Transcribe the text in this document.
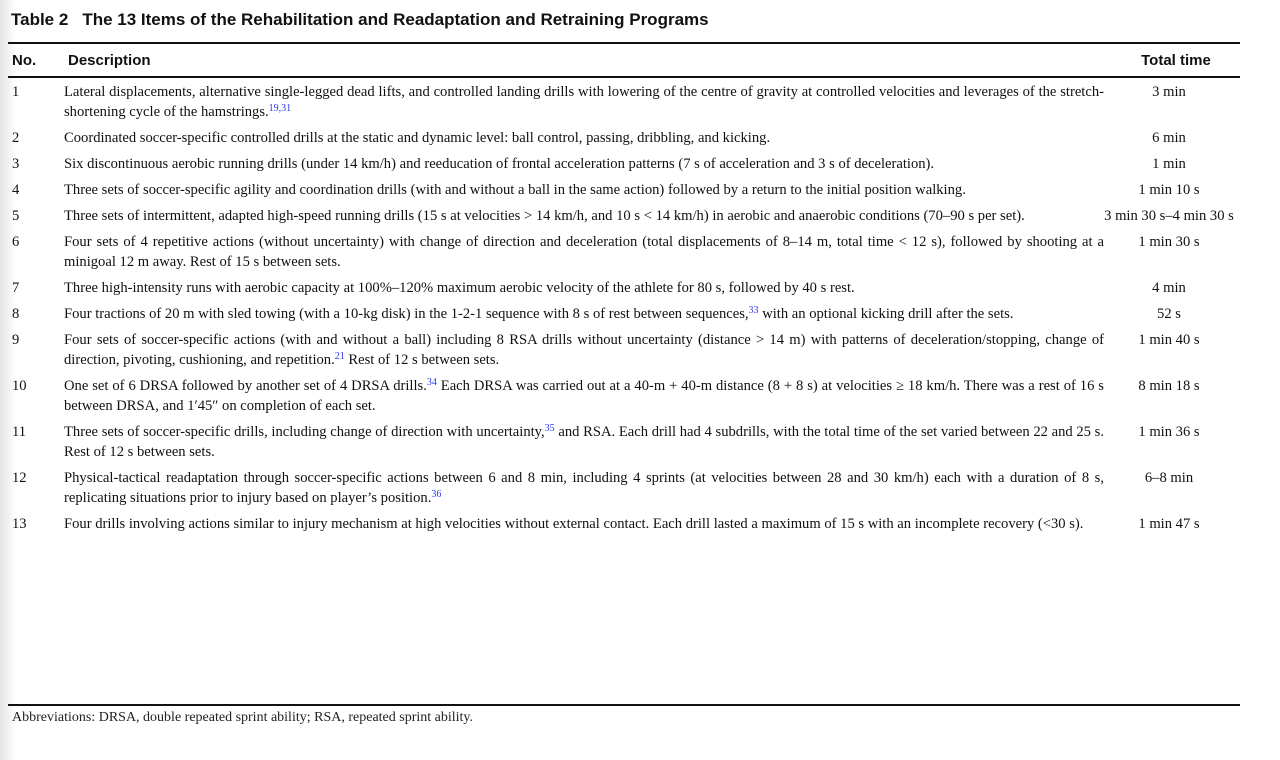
Table 2 The 13 Items of the Rehabilitation and Readaptation and Retraining Programs
No. Description	Total time
1	Lateral displacements, alternative single-legged dead lifts, and controlled landing drills with lowering of the centre of gravity at controlled velocities and leverages of the stretch-shortening cycle of the hamstrings.$^{19,31}$
3 min
2	Coordinated soccer-specific controlled drills at the static and dynamic level: ball control, passing, dribbling, and kicking.	6 min
3	Six discontinuous aerobic running drills (under 14 km/h) and reeducation of frontal acceleration patterns (7 s of acceleration and 3 s of deceleration).	1 min
4	Three sets of soccer-specific agility and coordination drills (with and without a ball in the same action) followed by a return to the initial position walking.	1 min 10 s
5	Three sets of intermittent, adapted high-speed running drills (15 s at velocities > 14 km/h, and 10 s < 14 km/h) in aerobic and anaerobic conditions (70–90 s per set).	3 min 30 s–4 min 30 s
6	Four sets of 4 repetitive actions (without uncertainty) with change of direction and deceleration (total displacements of 8–14 m, total time < 12 s), followed by shooting at a minigoal 12 m away. Rest of 15 s between sets.
1 min 30 s
7	Three high-intensity runs with aerobic capacity at 100%–120% maximum aerobic velocity of the athlete for 80 s, followed by 40 s rest.	4 min
8	Four tractions of 20 m with sled towing (with a 10-kg disk) in the 1-2-1 sequence with 8 s of rest between sequences,$^{33}$ with an optional kicking drill after the sets.	52 s
9	Four sets of soccer-specific actions (with and without a ball) including 8 RSA drills without uncertainty (distance > 14 m) with patterns of deceleration/stopping, change of direction, pivoting, cushioning, and repetition.$^{21}$ Rest of 12 s between sets.
1 min 40 s
10	One set of 6 DRSA followed by another set of 4 DRSA drills.$^{34}$ Each DRSA was carried out at a 40-m + 40-m distance (8 + 8 s) at velocities ≥ 18 km/h. There was a rest of 16 s between DRSA, and 1′45″ on completion of each set.
8 min 18 s
11	Three sets of soccer-specific drills, including change of direction with uncertainty,$^{35}$ and RSA. Each drill had 4 subdrills, with the total time of the set varied between 22 and 25 s. Rest of 12 s between sets.
1 min 36 s
12	Physical-tactical readaptation through soccer-specific actions between 6 and 8 min, including 4 sprints (at velocities between 28 and 30 km/h) each with a duration of 8 s, replicating situations prior to injury based on player’s position.$^{36}$
6–8 min
13	Four drills involving actions similar to injury mechanism at high velocities without external contact. Each drill lasted a maximum of 15 s with an incomplete recovery (<30 s).	1 min 47 s
Abbreviations: DRSA, double repeated sprint ability; RSA, repeated sprint ability.
